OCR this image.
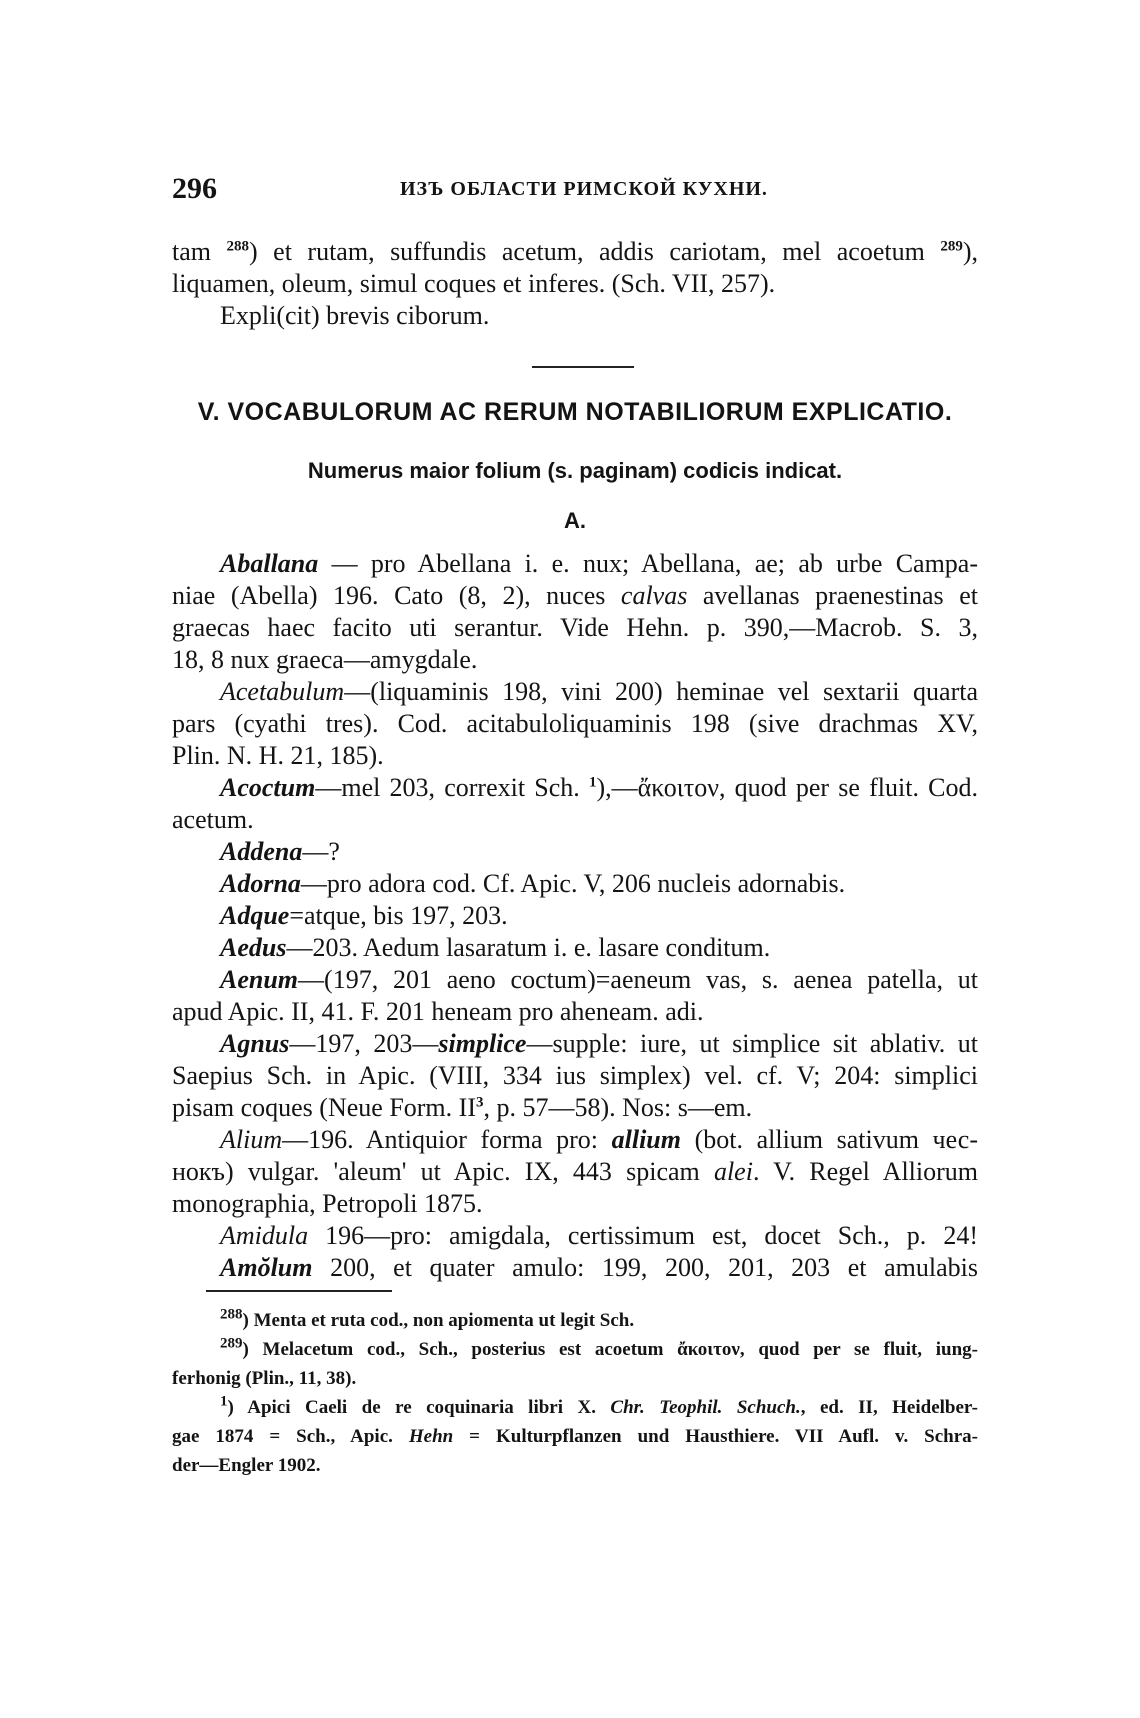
296	ИЗЪ ОБЛАСТИ РИМСКОЙ КУХНИ.
tam $^{288}$) et rutam, suffundis acetum, addis cariotam, mel acoetum $^{289}$),
liquamen, oleum, simul coques et inferes. (Sch. VII, 257).
Expli(cit) brevis ciborum.
V. VOCABULORUM AC RERUM NOTABILIORUM EXPLICATIO.
Numerus maior folium (s. paginam) codicis indicat.
A.
Aballana — pro Abellana i. e. nux; Abellana, ae; ab urbe Campa-
niae (Abella) 196. Cato (8, 2), nuces calvas avellanas praenestinas et
graecas haec facito uti serantur. Vide Hehn. p. 390,—Macrob. S. 3,
18, 8 nux graeca—amygdale.
Acetabulum—(liquaminis 198, vini 200) heminae vel sextarii quarta
pars (cyathi tres). Cod. acitabuloliquaminis 198 (sive drachmas XV,
Plin. N. H. 21, 185).
Acoctum—mel 203, correxit Sch. $^1$),—ἄκοιτον, quod per se fluit. Cod.
acetum.
Addena—?
Adorna—pro adora cod. Cf. Apic. V, 206 nucleis adornabis.
Adque=atque, bis 197, 203.
Aedus—203. Aedum lasaratum i. e. lasare conditum.
Aenum—(197, 201 aeno coctum)=aeneum vas, s. aenea patella, ut
apud Apic. II, 41. F. 201 heneam pro aheneam. adi.
Agnus—197, 203—simplice—supple: iure, ut simplice sit ablativ. ut
Saepius Sch. in Apic. (VIII, 334 ius simplex) vel. cf. V; 204: simplici
pisam coques (Neue Form. $II^3$, p. 57—58). Nos: s—em.
Alium—196. Antiquior forma pro: allium (bot. allium sativum чес-
нокъ) vulgar. 'aleum' ut Apic. IX, 443 spicam alei. V. Regel Alliorum
monographia, Petropoli 1875.
Amidula 196—pro: amigdala, certissimum est, docet Sch., p. 24!
Amŏlum 200, et quater amulo: 199, 200, 201, 203 et amulabis
$^{288}$) Menta et ruta cod., non apiomenta ut legit Sch.
$^{289}$) Melacetum cod., Sch., posterius est acoetum ἄκοιτον, quod per se fluit, iung-
ferhonig (Plin., 11, 38).
$^1$) Apici Caeli de re coquinaria libri X. Chr. Teophil. Schuch., ed. II, Heidelber-
gae 1874 = Sch., Apic. Hehn = Kulturpflanzen und Hausthiere. VII Aufl. v. Schra-
der—Engler 1902.
